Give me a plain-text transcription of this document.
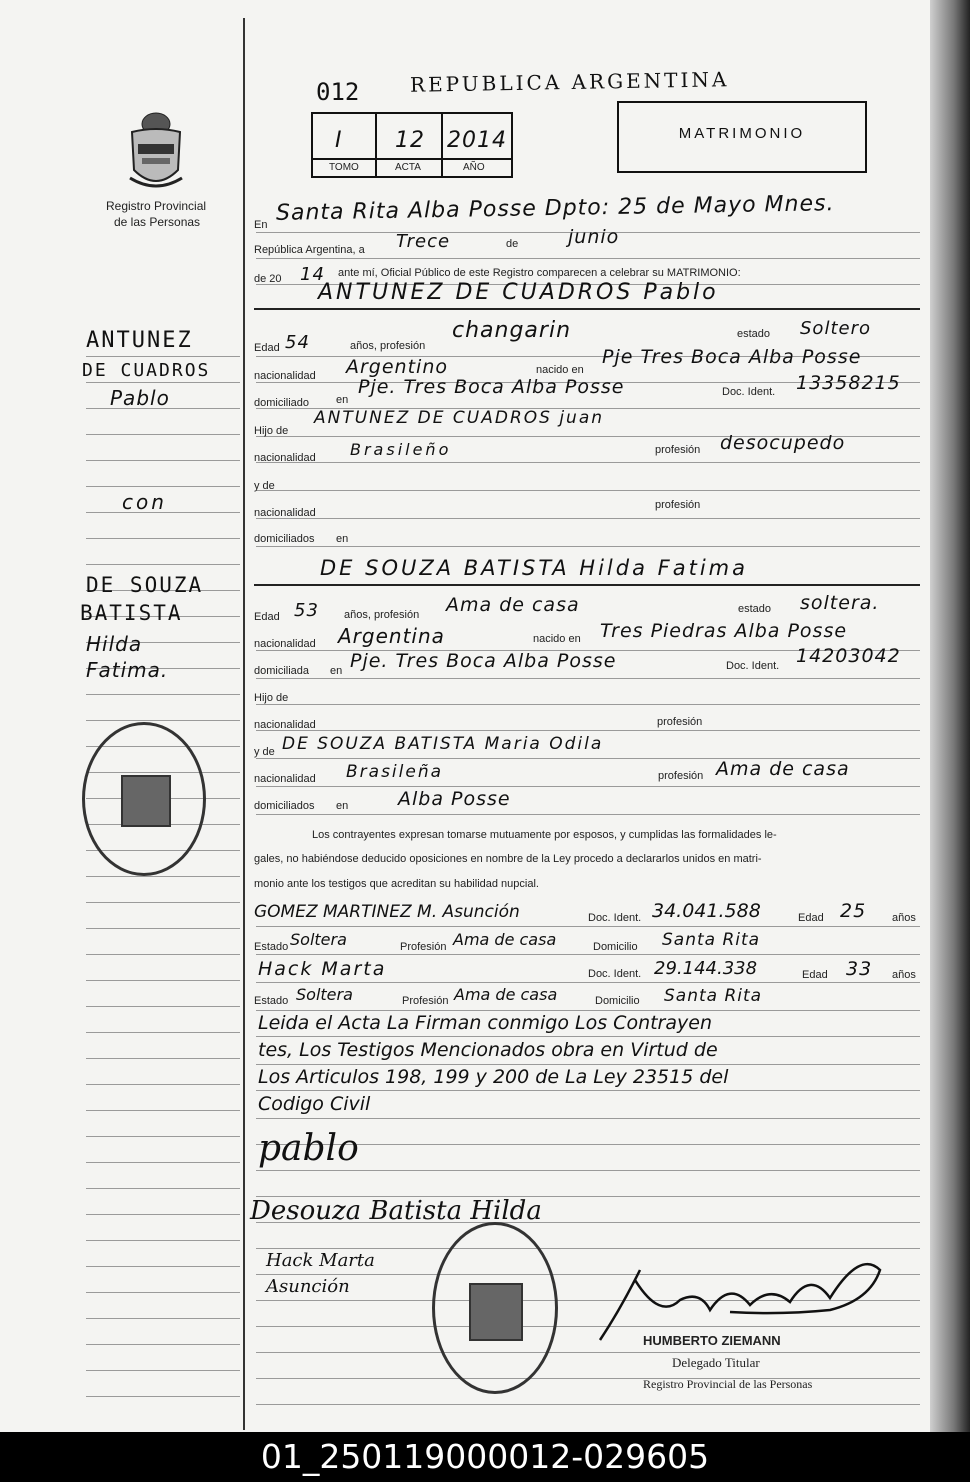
Registro Provincial
de las Personas
012	REPUBLICA ARGENTINA
I 12 2014
TOMO	ACTA	AÑO
MATRIMONIO
En Santa Rita Alba Posse Dpto: 25 de Mayo Mnes.
República Argentina, a Trece	de	junio
de 20 14 ante mí, Oficial Público de este Registro comparecen a celebrar su MATRIMONIO:
ANTUNEZ DE CUADROS Pablo
Edad 54	años, profesión
changarin	estado Soltero
nacionalidad Argentino	nacido en
Pje Tres Boca Alba Posse
domiciliado en
Pje. Tres Boca Alba Posse	Doc. Ident. 13358215
Hijo de
ANTUNEZ DE CUADROS juan
nacionalidad Brasileño	profesión desocupedo
y de
nacionalidad
profesión
domiciliados en
DE SOUZA BATISTA Hilda Fatima
Edad 53 años, profesión Ama de casa	estado soltera.
nacionalidad Argentina	nacido en Tres Piedras Alba Posse
domiciliada en Pje. Tres Boca Alba Posse	Doc. Ident. 14203042
Hijo de
nacionalidad	profesión
y de DE SOUZA BATISTA Maria Odila
nacionalidad Brasileña	profesión Ama de casa
domiciliados en	Alba Posse
Los contrayentes expresan tomarse mutuamente por esposos, y cumplidas las formalidades le-
gales, no habiéndose deducido oposiciones en nombre de la Ley procedo a declararlos unidos en matri-
monio ante los testigos que acreditan su habilidad nupcial.
GOMEZ MARTINEZ M. Asunción	Doc. Ident. 34.041.588	Edad 25 años
Estado Soltera	Profesión Ama de casa	Domicilio Santa Rita
Hack Marta	Doc. Ident. 29.144.338	Edad 33 años
Estado Soltera	Profesión Ama de casa	Domicilio Santa Rita
Leida el Acta La Firman conmigo Los Contrayen
tes, Los Testigos Mencionados obra en Virtud de
Los Articulos 198, 199 y 200 de La Ley 23515 del
Codigo Civil
pablo
Desouza Batista Hilda
Hack Marta
Asunción
HUMBERTO ZIEMANN
Delegado Titular
Registro Provincial de las Personas
ANTUNEZ
DE CUADROS
Pablo
con
DE SOUZA
BATISTA
Hilda
Fatima.
01_250119000012-029605
